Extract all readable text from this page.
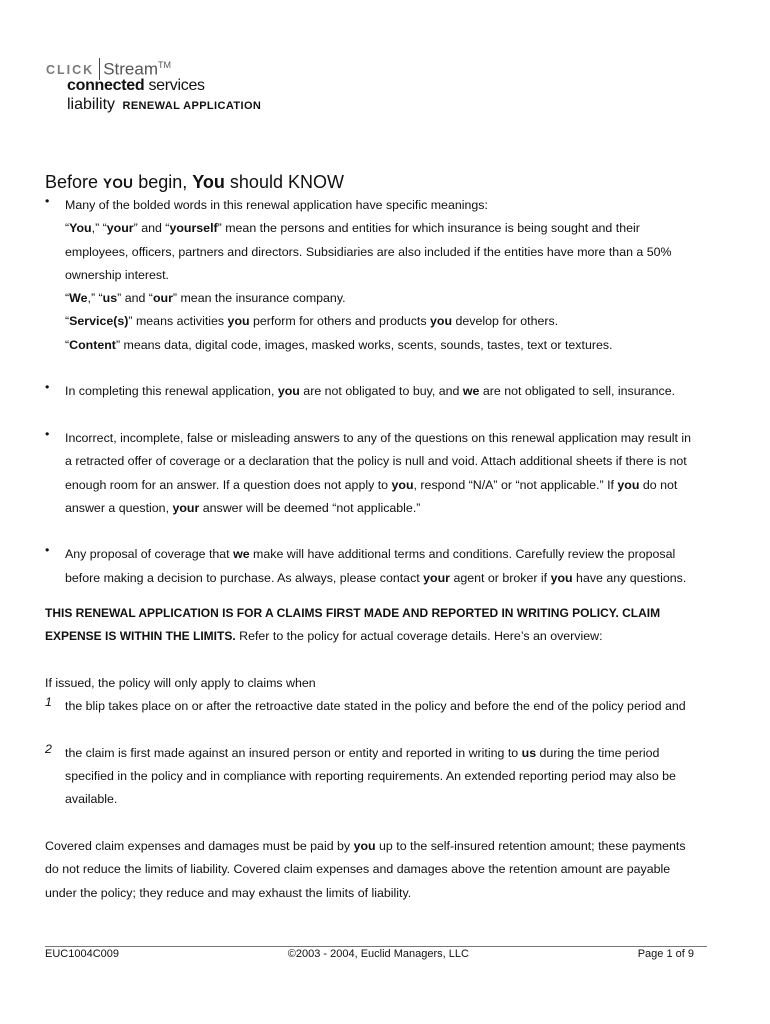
CLICK Stream™
connected services
liability RENEWAL APPLICATION
Before YOU begin, You should KNOW
• Many of the bolded words in this renewal application have specific meanings:
“You,” “your” and “yourself” mean the persons and entities for which insurance is being sought and their
employees, officers, partners and directors. Subsidiaries are also included if the entities have more than a 50%
ownership interest.
“We,” “us” and “our” mean the insurance company.
“Service(s)” means activities you perform for others and products you develop for others.
“Content” means data, digital code, images, masked works, scents, sounds, tastes, text or textures.
• In completing this renewal application, you are not obligated to buy, and we are not obligated to sell, insurance.
• Incorrect, incomplete, false or misleading answers to any of the questions on this renewal application may result in
a retracted offer of coverage or a declaration that the policy is null and void. Attach additional sheets if there is not
enough room for an answer. If a question does not apply to you, respond “N/A” or “not applicable.” If you do not
answer a question, your answer will be deemed “not applicable.”
• Any proposal of coverage that we make will have additional terms and conditions. Carefully review the proposal
before making a decision to purchase. As always, please contact your agent or broker if you have any questions.
THIS RENEWAL APPLICATION IS FOR A CLAIMS FIRST MADE AND REPORTED IN WRITING POLICY. CLAIM
EXPENSE IS WITHIN THE LIMITS. Refer to the policy for actual coverage details. Here’s an overview:
If issued, the policy will only apply to claims when
1 the blip takes place on or after the retroactive date stated in the policy and before the end of the policy period and
2 the claim is first made against an insured person or entity and reported in writing to us during the time period
specified in the policy and in compliance with reporting requirements. An extended reporting period may also be
available.
Covered claim expenses and damages must be paid by you up to the self-insured retention amount; these payments
do not reduce the limits of liability. Covered claim expenses and damages above the retention amount are payable
under the policy; they reduce and may exhaust the limits of liability.
EUC1004C009	©2003 - 2004, Euclid Managers, LLC	Page 1 of 9
